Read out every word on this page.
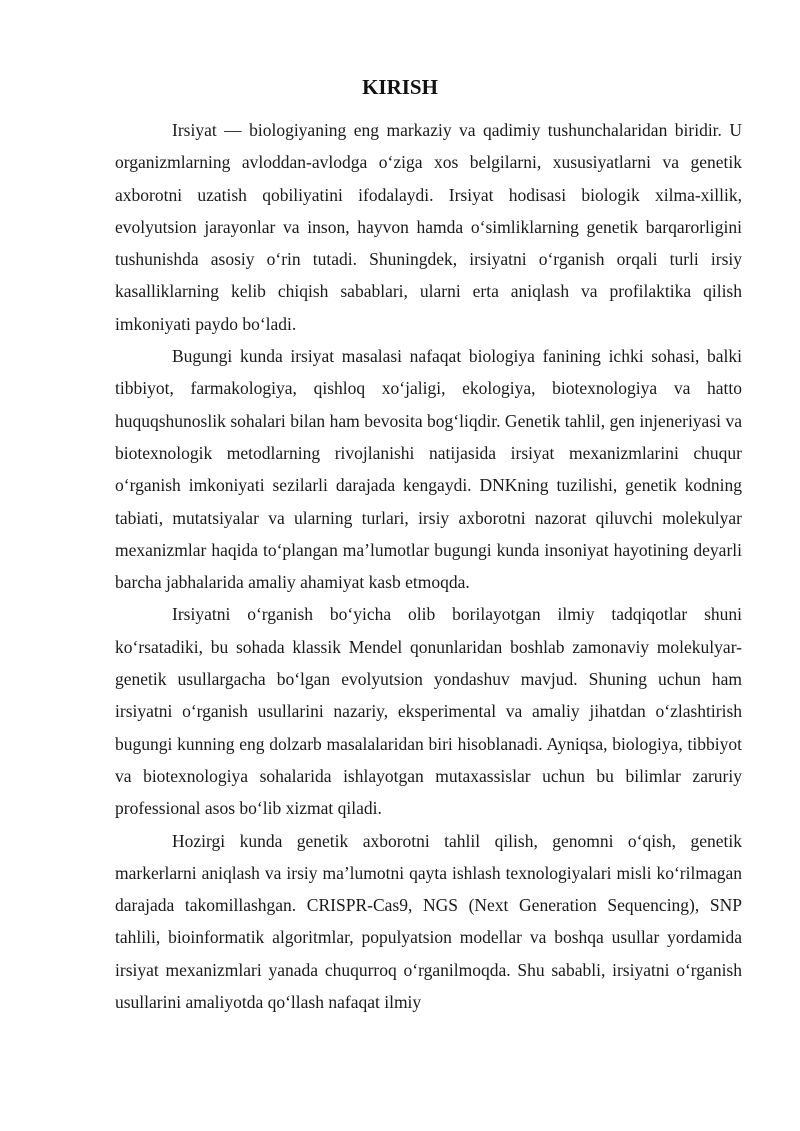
KIRISH

Irsiyat — biologiyaning eng markaziy va qadimiy tushunchalaridan biridir. U organizmlarning avloddan-avlodga o‘ziga xos belgilarni, xususiyatlarni va genetik axborotni uzatish qobiliyatini ifodalaydi. Irsiyat hodisasi biologik xilma-xillik, evolyutsion jarayonlar va inson, hayvon hamda o‘simliklarning genetik barqarorligini tushunishda asosiy o‘rin tutadi. Shuningdek, irsiyatni o‘rganish orqali turli irsiy kasalliklarning kelib chiqish sabablari, ularni erta aniqlash va profilaktika qilish imkoniyati paydo bo‘ladi.

Bugungi kunda irsiyat masalasi nafaqat biologiya fanining ichki sohasi, balki tibbiyot, farmakologiya, qishloq xo‘jaligi, ekologiya, biotexnologiya va hatto huquqshunoslik sohalari bilan ham bevosita bog‘liqdir. Genetik tahlil, gen injeneriyasi va biotexnologik metodlarning rivojlanishi natijasida irsiyat mexanizmlarini chuqur o‘rganish imkoniyati sezilarli darajada kengaydi. DNKning tuzilishi, genetik kodning tabiati, mutatsiyalar va ularning turlari, irsiy axborotni nazorat qiluvchi molekulyar mexanizmlar haqida to‘plangan ma’lumotlar bugungi kunda insoniyat hayotining deyarli barcha jabhalarida amaliy ahamiyat kasb etmoqda.

Irsiyatni o‘rganish bo‘yicha olib borilayotgan ilmiy tadqiqotlar shuni ko‘rsatadiki, bu sohada klassik Mendel qonunlaridan boshlab zamonaviy molekulyar-genetik usullargacha bo‘lgan evolyutsion yondashuv mavjud. Shuning uchun ham irsiyatni o‘rganish usullarini nazariy, eksperimental va amaliy jihatdan o‘zlashtirish bugungi kunning eng dolzarb masalalaridan biri hisoblanadi. Ayniqsa, biologiya, tibbiyot va biotexnologiya sohalarida ishlayotgan mutaxassislar uchun bu bilimlar zaruriy professional asos bo‘lib xizmat qiladi.

Hozirgi kunda genetik axborotni tahlil qilish, genomni o‘qish, genetik markerlarni aniqlash va irsiy ma’lumotni qayta ishlash texnologiyalari misli ko‘rilmagan darajada takomillashgan. CRISPR-Cas9, NGS (Next Generation Sequencing), SNP tahlili, bioinformatik algoritmlar, populyatsion modellar va boshqa usullar yordamida irsiyat mexanizmlari yanada chuqurroq o‘rganilmoqda. Shu sababli, irsiyatni o‘rganish usullarini amaliyotda qo‘llash nafaqat ilmiy
